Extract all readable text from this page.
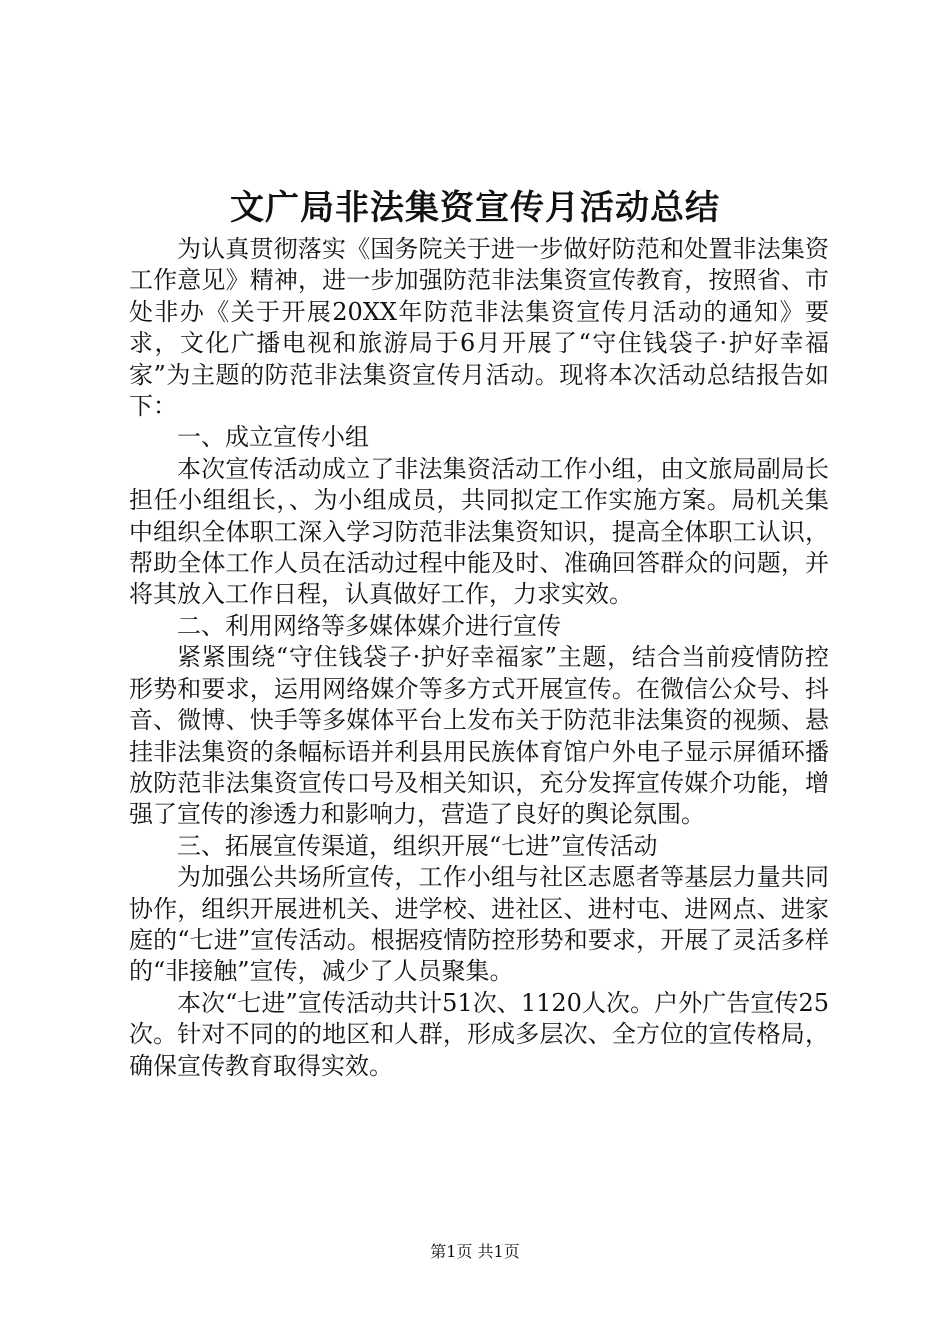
文广局非法集资宣传月活动总结

为认真贯彻落实《国务院关于进一步做好防范和处置非法集资工作意见》精神，进一步加强防范非法集资宣传教育，按照省、市处非办《关于开展20XX年防范非法集资宣传月活动的通知》要求，文化广播电视和旅游局于6月开展了“守住钱袋子·护好幸福家”为主题的防范非法集资宣传月活动。现将本次活动总结报告如下：

一、成立宣传小组

本次宣传活动成立了非法集资活动工作小组，由文旅局副局长担任小组组长，、为小组成员，共同拟定工作实施方案。局机关集中组织全体职工深入学习防范非法集资知识，提高全体职工认识，帮助全体工作人员在活动过程中能及时、准确回答群众的问题，并将其放入工作日程，认真做好工作，力求实效。

二、利用网络等多媒体媒介进行宣传

紧紧围绕“守住钱袋子·护好幸福家”主题，结合当前疫情防控形势和要求，运用网络媒介等多方式开展宣传。在微信公众号、抖音、微博、快手等多媒体平台上发布关于防范非法集资的视频、悬挂非法集资的条幅标语并利县用民族体育馆户外电子显示屏循环播放防范非法集资宣传口号及相关知识，充分发挥宣传媒介功能，增强了宣传的渗透力和影响力，营造了良好的舆论氛围。

三、拓展宣传渠道，组织开展“七进”宣传活动

为加强公共场所宣传，工作小组与社区志愿者等基层力量共同协作，组织开展进机关、进学校、进社区、进村屯、进网点、进家庭的“七进”宣传活动。根据疫情防控形势和要求，开展了灵活多样的“非接触”宣传，减少了人员聚集。

本次“七进”宣传活动共计51次、1120人次。户外广告宣传25次。针对不同的的地区和人群，形成多层次、全方位的宣传格局，确保宣传教育取得实效。

第1页 共1页
